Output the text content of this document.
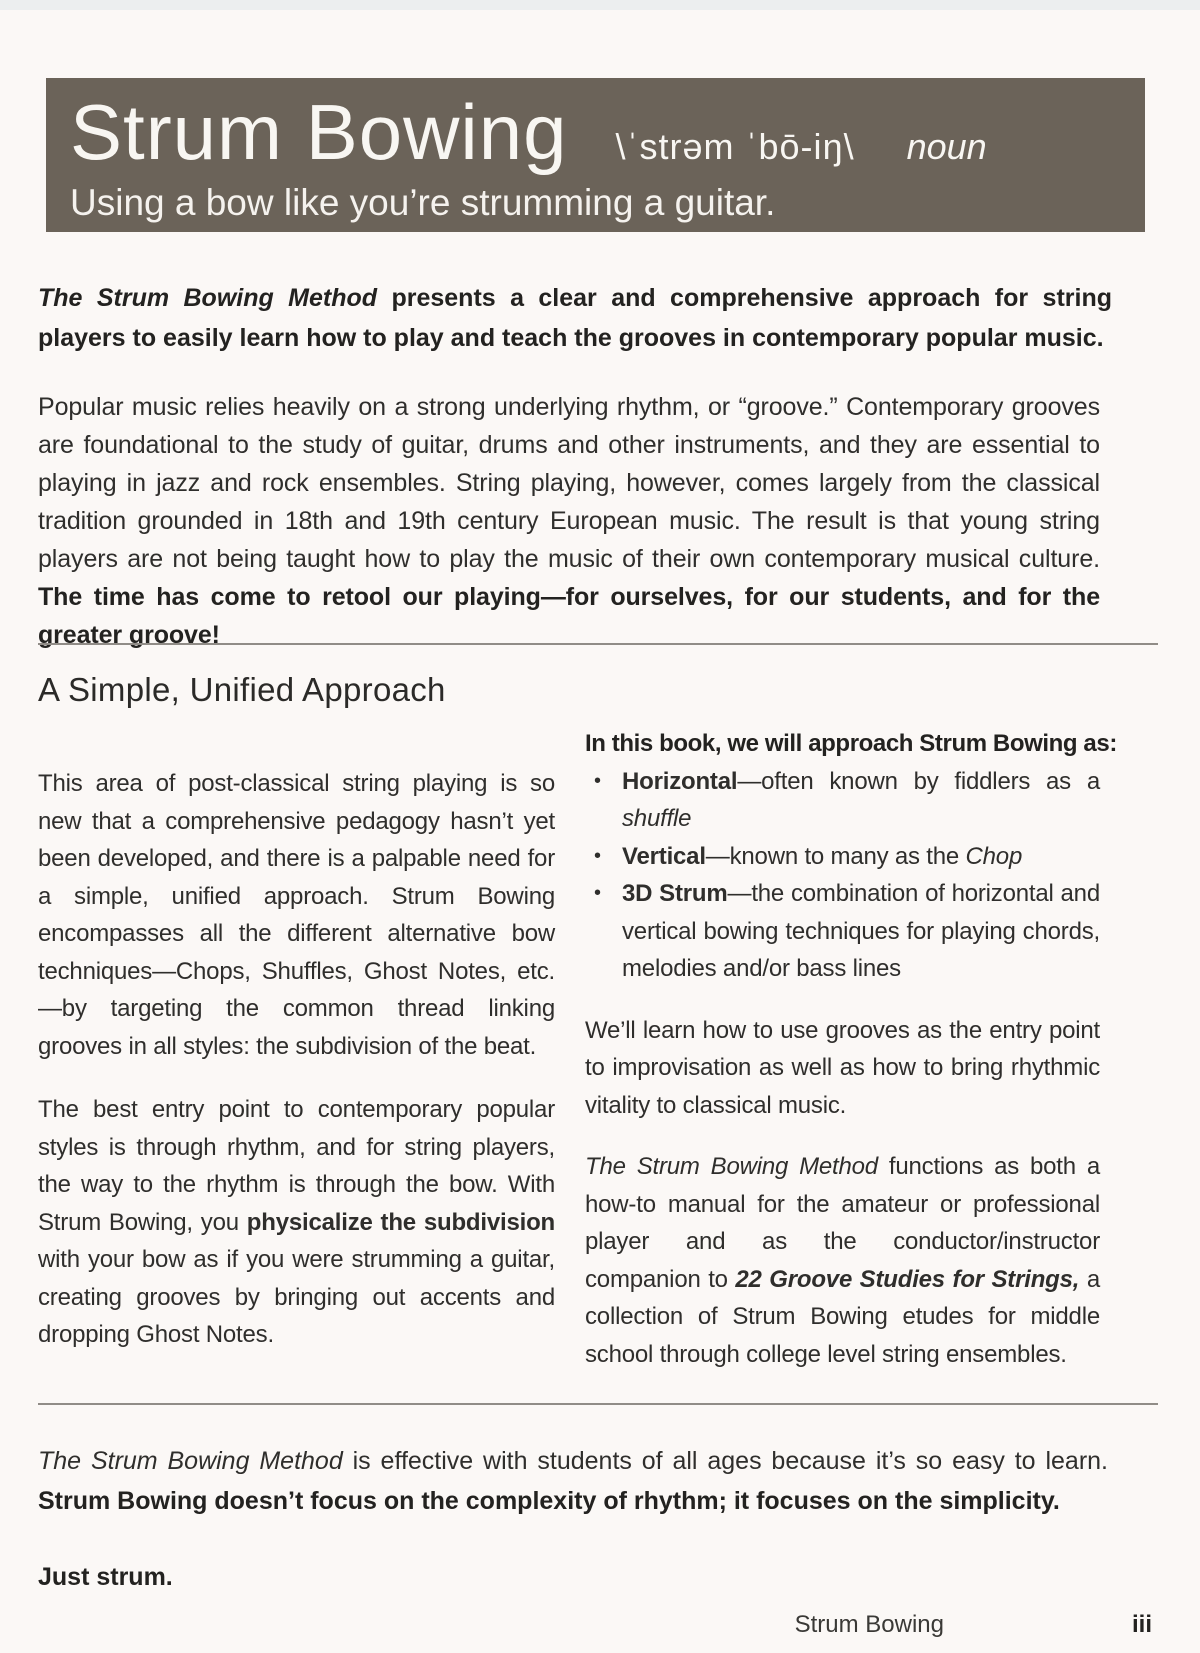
Strum Bowing \ˈstrəm ˈbō-iŋ\ noun
Using a bow like you’re strumming a guitar.

The Strum Bowing Method presents a clear and comprehensive approach for string players to easily learn how to play and teach the grooves in contemporary popular music.

Popular music relies heavily on a strong underlying rhythm, or “groove.” Contemporary grooves are foundational to the study of guitar, drums and other instruments, and they are essential to playing in jazz and rock ensembles. String playing, however, comes largely from the classical tradition grounded in 18th and 19th century European music. The result is that young string players are not being taught how to play the music of their own contemporary musical culture. The time has come to retool our playing—for ourselves, for our students, and for the greater groove!

A Simple, Unified Approach

This area of post-classical string playing is so new that a comprehensive pedagogy hasn’t yet been developed, and there is a palpable need for a simple, unified approach. Strum Bowing encompasses all the different alternative bow techniques—Chops, Shuffles, Ghost Notes, etc.—by targeting the common thread linking grooves in all styles: the subdivision of the beat.

The best entry point to contemporary popular styles is through rhythm, and for string players, the way to the rhythm is through the bow. With Strum Bowing, you physicalize the subdivision with your bow as if you were strumming a guitar, creating grooves by bringing out accents and dropping Ghost Notes.

In this book, we will approach Strum Bowing as:

• Horizontal—often known by fiddlers as a shuffle
• Vertical—known to many as the Chop
• 3D Strum—the combination of horizontal and vertical bowing techniques for playing chords, melodies and/or bass lines

We’ll learn how to use grooves as the entry point to improvisation as well as how to bring rhythmic vitality to classical music.

The Strum Bowing Method functions as both a how-to manual for the amateur or professional player and as the conductor/instructor companion to 22 Groove Studies for Strings, a collection of Strum Bowing etudes for middle school through college level string ensembles.

The Strum Bowing Method is effective with students of all ages because it’s so easy to learn. Strum Bowing doesn’t focus on the complexity of rhythm; it focuses on the simplicity.

Just strum.

Strum Bowing	iii
